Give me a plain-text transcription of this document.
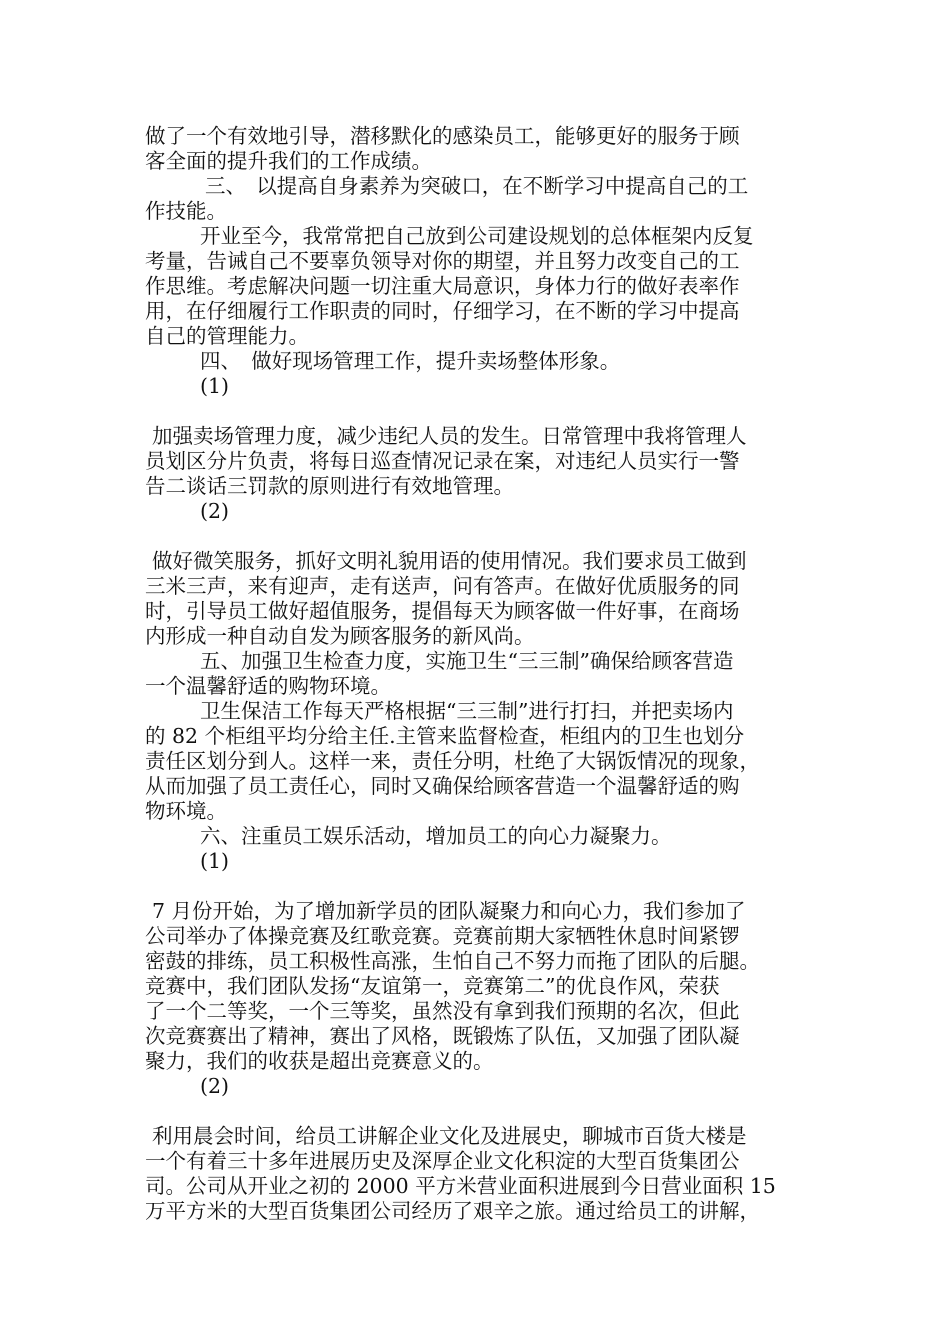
做了一个有效地引导，潜移默化的感染员工，能够更好的服务于顾
客全面的提升我们的工作成绩。
三、　以提高自身素养为突破口，在不断学习中提高自己的工
作技能。
开业至今，我常常把自己放到公司建设规划的总体框架内反复
考量，告诫自己不要辜负领导对你的期望，并且努力改变自己的工
作思维。考虑解决问题一切注重大局意识，身体力行的做好表率作
用，在仔细履行工作职责的同时，仔细学习，在不断的学习中提高
自己的管理能力。
四、　做好现场管理工作，提升卖场整体形象。
(1)
加强卖场管理力度，减少违纪人员的发生。日常管理中我将管理人
员划区分片负责，将每日巡查情况记录在案，对违纪人员实行一警
告二谈话三罚款的原则进行有效地管理。
(2)
做好微笑服务，抓好文明礼貌用语的使用情况。我们要求员工做到
三米三声，来有迎声，走有送声，问有答声。在做好优质服务的同
时，引导员工做好超值服务，提倡每天为顾客做一件好事，在商场
内形成一种自动自发为顾客服务的新风尚。
五、加强卫生检查力度，实施卫生“三三制”确保给顾客营造
一个温馨舒适的购物环境。
卫生保洁工作每天严格根据“三三制”进行打扫，并把卖场内
的 82 个柜组平均分给主任.主管来监督检查，柜组内的卫生也划分
责任区划分到人。这样一来，责任分明，杜绝了大锅饭情况的现象，
从而加强了员工责任心，同时又确保给顾客营造一个温馨舒适的购
物环境。
六、注重员工娱乐活动，增加员工的向心力凝聚力。
(1)
7 月份开始，为了增加新学员的团队凝聚力和向心力，我们参加了
公司举办了体操竞赛及红歌竞赛。竞赛前期大家牺牲休息时间紧锣
密鼓的排练，员工积极性高涨，生怕自己不努力而拖了团队的后腿。
竞赛中，我们团队发扬“友谊第一，竞赛第二”的优良作风，荣获
了一个二等奖，一个三等奖，虽然没有拿到我们预期的名次，但此
次竞赛赛出了精神，赛出了风格，既锻炼了队伍，又加强了团队凝
聚力，我们的收获是超出竞赛意义的。
(2)
利用晨会时间，给员工讲解企业文化及进展史，聊城市百货大楼是
一个有着三十多年进展历史及深厚企业文化积淀的大型百货集团公
司。公司从开业之初的 2000 平方米营业面积进展到今日营业面积 15
万平方米的大型百货集团公司经历了艰辛之旅。通过给员工的讲解，
